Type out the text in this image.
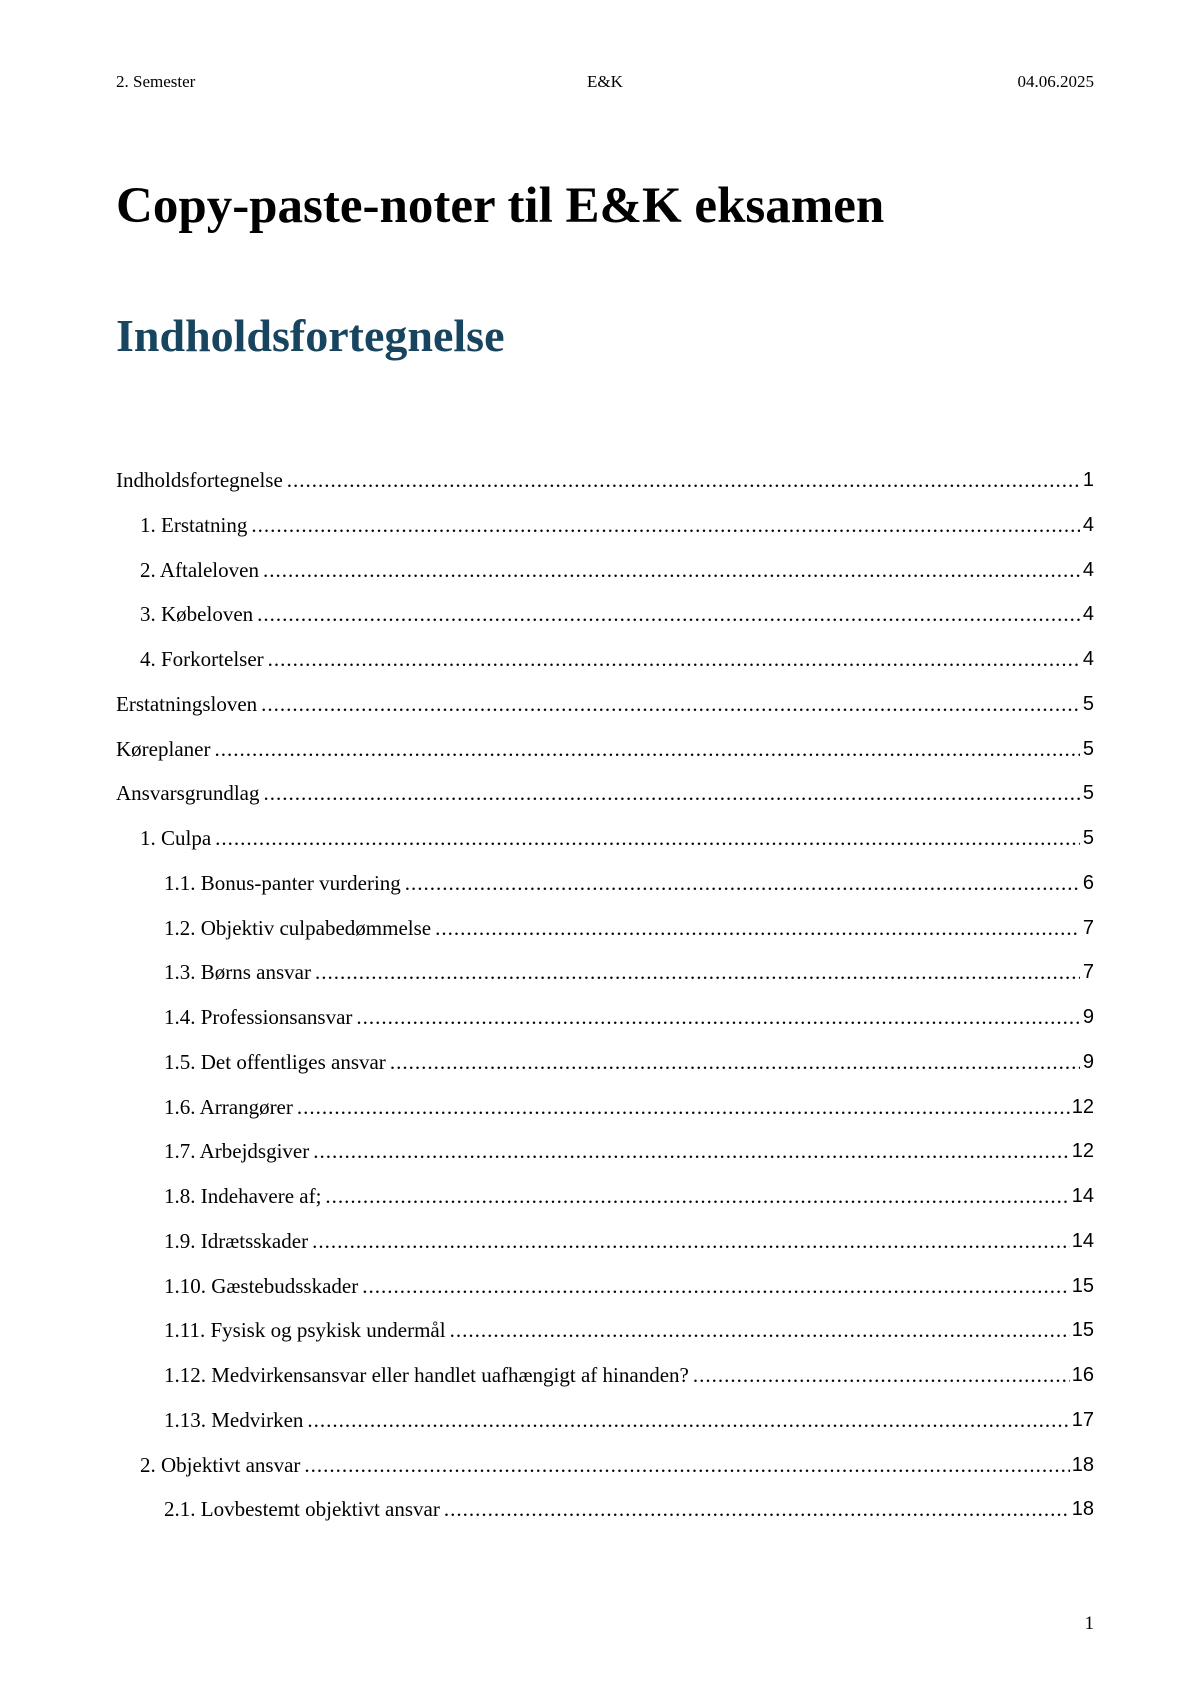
2. Semester	E&K	04.06.2025
Copy-paste-noter til E&K eksamen
Indholdsfortegnelse
Indholdsfortegnelse .....	1
1. Erstatning .....	4
2. Aftaleloven .....	4
3. Købeloven .....	4
4. Forkortelser .....	4
Erstatningsloven .....	5
Køreplaner .....	5
Ansvarsgrundlag .....	5
1. Culpa .....	5
1.1. Bonus-panter vurdering .....	6
1.2. Objektiv culpabedømmelse .....	7
1.3. Børns ansvar .....	7
1.4. Professionsansvar .....	9
1.5. Det offentliges ansvar .....	9
1.6. Arrangører .....	12
1.7. Arbejdsgiver .....	12
1.8. Indehavere af; .....	14
1.9. Idrætsskader .....	14
1.10. Gæstebudsskader .....	15
1.11. Fysisk og psykisk undermål .....	15
1.12. Medvirkensansvar eller handlet uafhængigt af hinanden? .....	16
1.13. Medvirken .....	17
2. Objektivt ansvar .....	18
2.1. Lovbestemt objektivt ansvar .....	18
1
